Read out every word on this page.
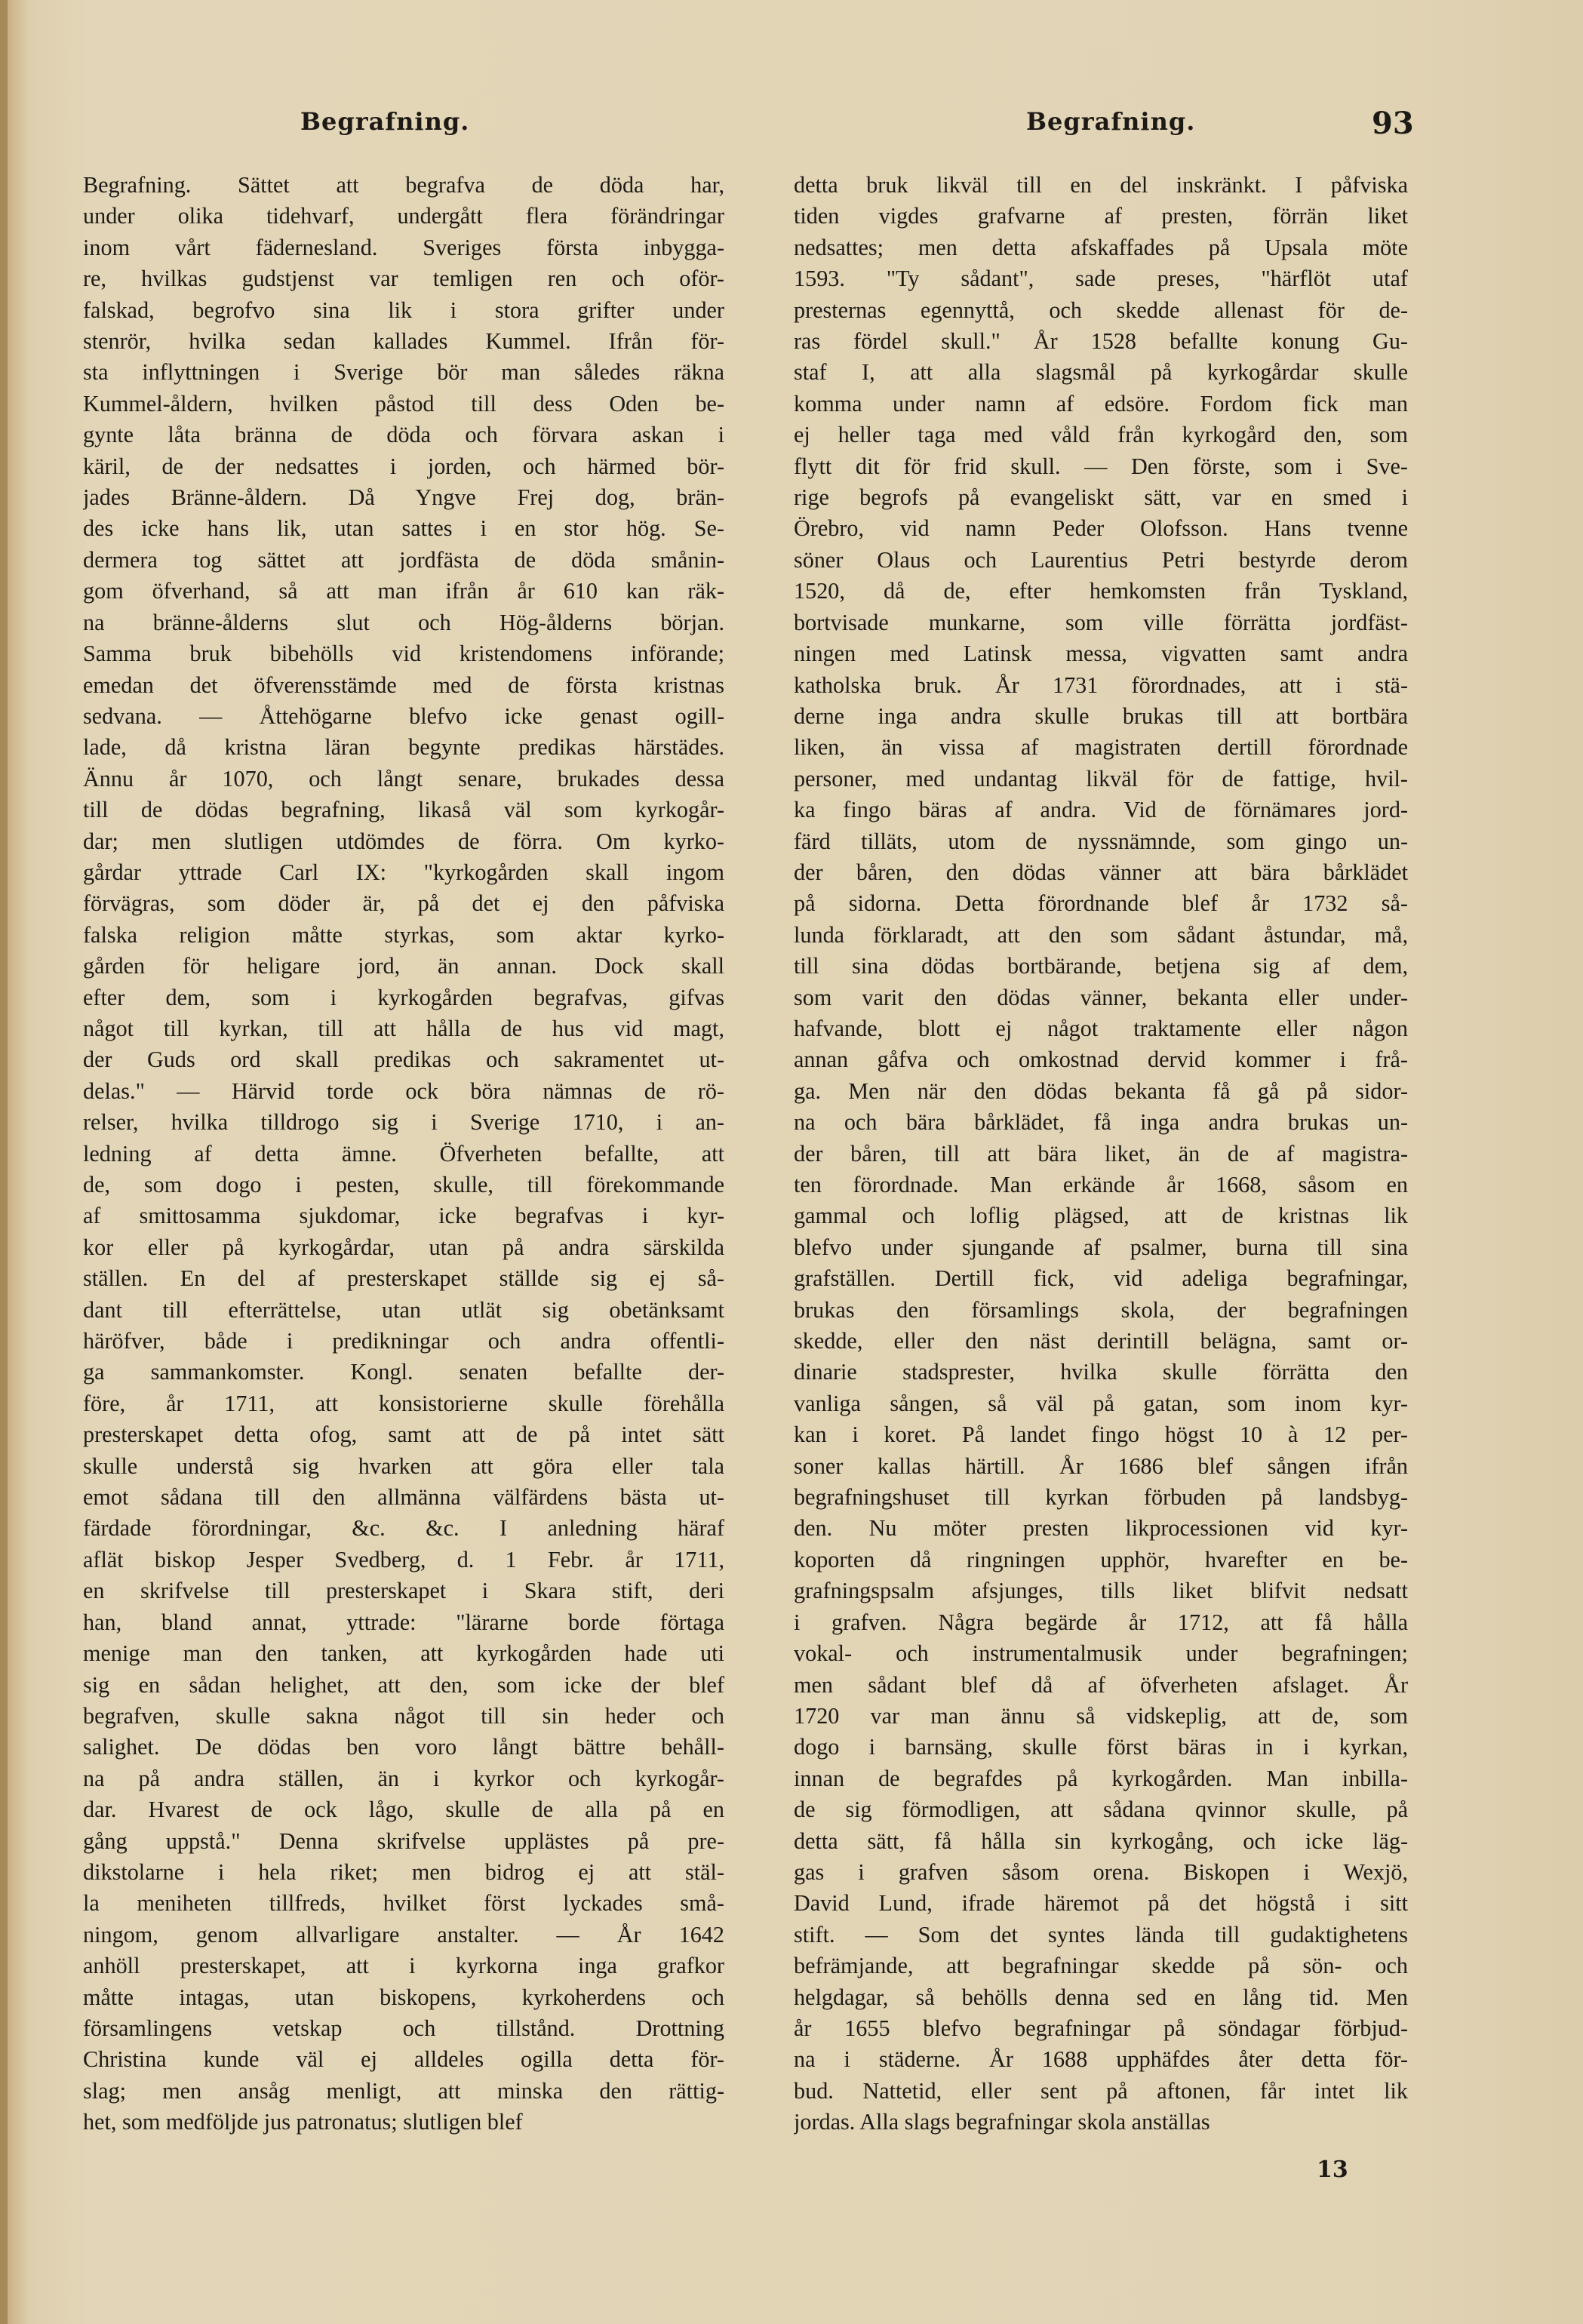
Begrafning.	Begrafning.	93
Begrafning. Sättet att begrafva de döda har,
under olika tidehvarf, undergått flera förändringar
inom vårt fädernesland. Sveriges första inbygga-
re, hvilkas gudstjenst var temligen ren och oför-
falskad, begrofvo sina lik i stora grifter under
stenrör, hvilka sedan kallades Kummel. Ifrån för-
sta inflyttningen i Sverige bör man således räkna
Kummel-åldern, hvilken påstod till dess Oden be-
gynte låta bränna de döda och förvara askan i
käril, de der nedsattes i jorden, och härmed bör-
jades Bränne-åldern. Då Yngve Frej dog, brän-
des icke hans lik, utan sattes i en stor hög. Se-
dermera tog sättet att jordfästa de döda smånin-
gom öfverhand, så att man ifrån år 610 kan räk-
na bränne-ålderns slut och Hög-ålderns början.
Samma bruk bibehölls vid kristendomens införande;
emedan det öfverensstämde med de första kristnas
sedvana. — Åttehögarne blefvo icke genast ogill-
lade, då kristna läran begynte predikas härstädes.
Ännu år 1070, och långt senare, brukades dessa
till de dödas begrafning, likaså väl som kyrkogår-
dar; men slutligen utdömdes de förra. Om kyrko-
gårdar yttrade Carl IX: "kyrkogården skall ingom
förvägras, som döder är, på det ej den påfviska
falska religion måtte styrkas, som aktar kyrko-
gården för heligare jord, än annan. Dock skall
efter dem, som i kyrkogården begrafvas, gifvas
något till kyrkan, till att hålla de hus vid magt,
der Guds ord skall predikas och sakramentet ut-
delas." — Härvid torde ock böra nämnas de rö-
relser, hvilka tilldrogo sig i Sverige 1710, i an-
ledning af detta ämne. Öfverheten befallte, att
de, som dogo i pesten, skulle, till förekommande
af smittosamma sjukdomar, icke begrafvas i kyr-
kor eller på kyrkogårdar, utan på andra särskilda
ställen. En del af presterskapet ställde sig ej så-
dant till efterrättelse, utan utlät sig obetänksamt
häröfver, både i predikningar och andra offentli-
ga sammankomster. Kongl. senaten befallte der-
före, år 1711, att konsistorierne skulle förehålla
presterskapet detta ofog, samt att de på intet sätt
skulle understå sig hvarken att göra eller tala
emot sådana till den allmänna välfärdens bästa ut-
färdade förordningar, &c. &c. I anledning häraf
aflät biskop Jesper Svedberg, d. 1 Febr. år 1711,
en skrifvelse till presterskapet i Skara stift, deri
han, bland annat, yttrade: "lärarne borde förtaga
menige man den tanken, att kyrkogården hade uti
sig en sådan helighet, att den, som icke der blef
begrafven, skulle sakna något till sin heder och
salighet. De dödas ben voro långt bättre behåll-
na på andra ställen, än i kyrkor och kyrkogår-
dar. Hvarest de ock lågo, skulle de alla på en
gång uppstå." Denna skrifvelse upplästes på pre-
dikstolarne i hela riket; men bidrog ej att stäl-
la meniheten tillfreds, hvilket först lyckades små-
ningom, genom allvarligare anstalter. — År 1642
anhöll presterskapet, att i kyrkorna inga grafkor
måtte intagas, utan biskopens, kyrkoherdens och
församlingens vetskap och tillstånd. Drottning
Christina kunde väl ej alldeles ogilla detta för-
slag; men ansåg menligt, att minska den rättig-
het, som medföljde jus patronatus; slutligen blef
detta bruk likväl till en del inskränkt. I påfviska
tiden vigdes grafvarne af presten, förrän liket
nedsattes; men detta afskaffades på Upsala möte
1593. "Ty sådant", sade preses, "härflöt utaf
presternas egennyttå, och skedde allenast för de-
ras fördel skull." År 1528 befallte konung Gu-
staf I, att alla slagsmål på kyrkogårdar skulle
komma under namn af edsöre. Fordom fick man
ej heller taga med våld från kyrkogård den, som
flytt dit för frid skull. — Den förste, som i Sve-
rige begrofs på evangeliskt sätt, var en smed i
Örebro, vid namn Peder Olofsson. Hans tvenne
söner Olaus och Laurentius Petri bestyrde derom
1520, då de, efter hemkomsten från Tyskland,
bortvisade munkarne, som ville förrätta jordfäst-
ningen med Latinsk messa, vigvatten samt andra
katholska bruk. År 1731 förordnades, att i stä-
derne inga andra skulle brukas till att bortbära
liken, än vissa af magistraten dertill förordnade
personer, med undantag likväl för de fattige, hvil-
ka fingo bäras af andra. Vid de förnämares jord-
färd tilläts, utom de nyssnämnde, som gingo un-
der båren, den dödas vänner att bära bårklädet
på sidorna. Detta förordnande blef år 1732 så-
lunda förklaradt, att den som sådant åstundar, må,
till sina dödas bortbärande, betjena sig af dem,
som varit den dödas vänner, bekanta eller under-
hafvande, blott ej något traktamente eller någon
annan gåfva och omkostnad dervid kommer i frå-
ga. Men när den dödas bekanta få gå på sidor-
na och bära bårklädet, få inga andra brukas un-
der båren, till att bära liket, än de af magistra-
ten förordnade. Man erkände år 1668, såsom en
gammal och loflig plägsed, att de kristnas lik
blefvo under sjungande af psalmer, burna till sina
grafställen. Dertill fick, vid adeliga begrafningar,
brukas den församlings skola, der begrafningen
skedde, eller den näst derintill belägna, samt or-
dinarie stadsprester, hvilka skulle förrätta den
vanliga sången, så väl på gatan, som inom kyr-
kan i koret. På landet fingo högst 10 à 12 per-
soner kallas härtill. År 1686 blef sången ifrån
begrafningshuset till kyrkan förbuden på landsbyg-
den. Nu möter presten likprocessionen vid kyr-
koporten då ringningen upphör, hvarefter en be-
grafningspsalm afsjunges, tills liket blifvit nedsatt
i grafven. Några begärde år 1712, att få hålla
vokal- och instrumentalmusik under begrafningen;
men sådant blef då af öfverheten afslaget. År
1720 var man ännu så vidskeplig, att de, som
dogo i barnsäng, skulle först bäras in i kyrkan,
innan de begrafdes på kyrkogården. Man inbilla-
de sig förmodligen, att sådana qvinnor skulle, på
detta sätt, få hålla sin kyrkogång, och icke läg-
gas i grafven såsom orena. Biskopen i Wexjö,
David Lund, ifrade häremot på det högstå i sitt
stift. — Som det syntes lända till gudaktighetens
befrämjande, att begrafningar skedde på sön- och
helgdagar, så behölls denna sed en lång tid. Men
år 1655 blefvo begrafningar på söndagar förbjud-
na i städerne. År 1688 upphäfdes åter detta för-
bud. Nattetid, eller sent på aftonen, får intet lik
jordas. Alla slags begrafningar skola anställas
13
